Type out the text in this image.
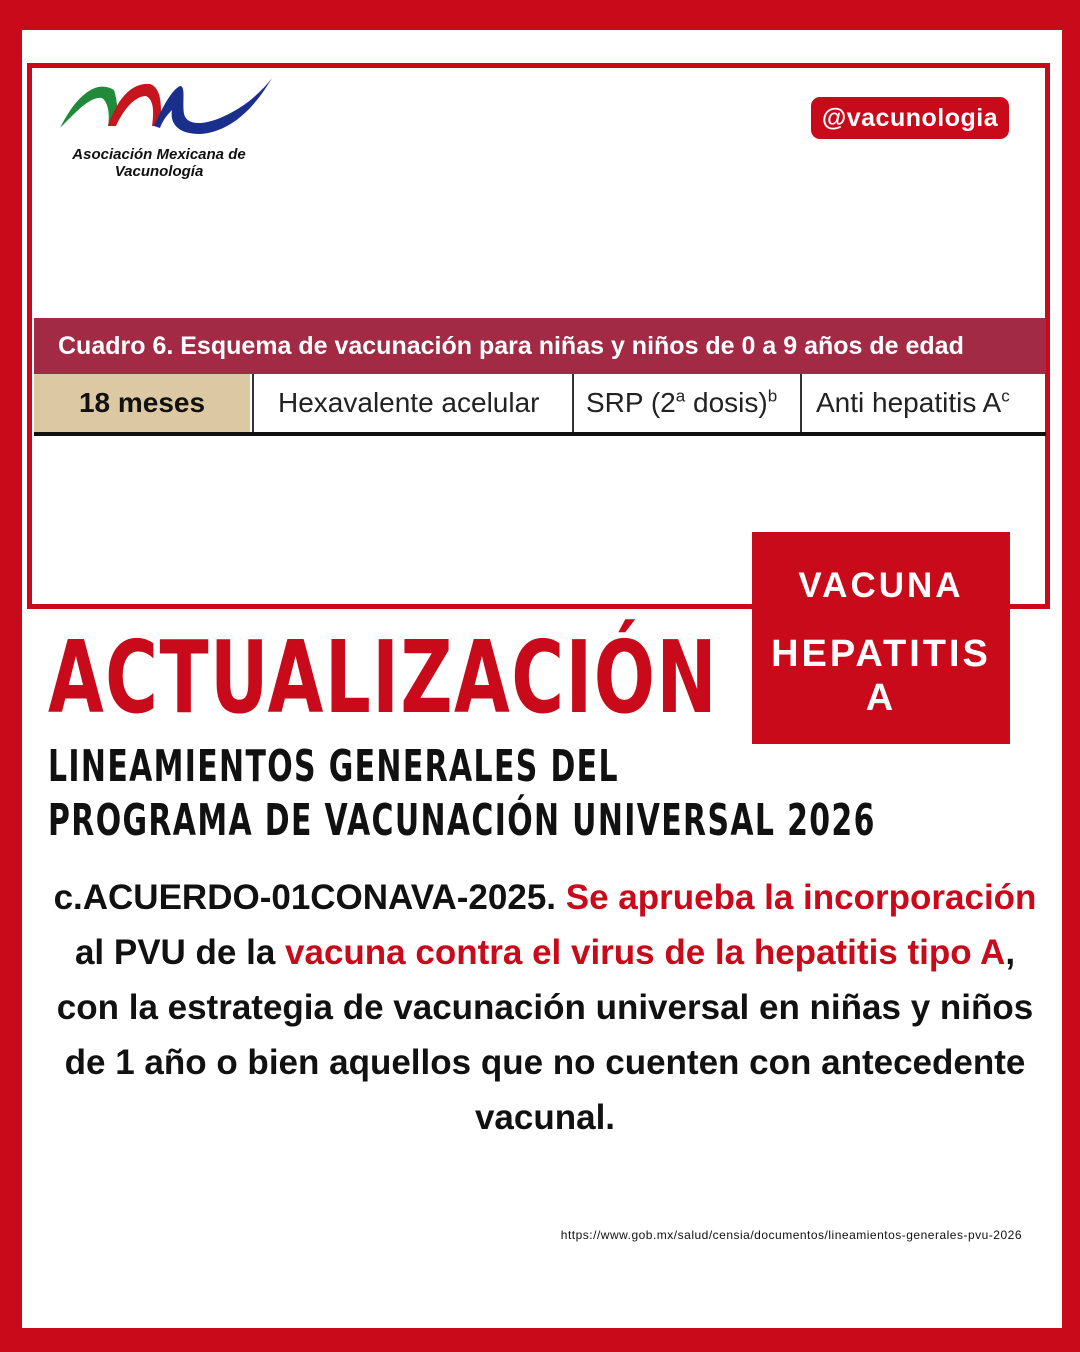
Asociación Mexicana de
Vacunología
@vacunologia
Cuadro 6. Esquema de vacunación para niñas y niños de 0 a 9 años de edad
18 meses	Hexavalente acelular	SRP (2$^a$ dosis)$^b$	Anti hepatitis $A^c$
VACUNA
HEPATITIS
A
ACTUALIZACIÓN
LINEAMIENTOS GENERALES DEL
PROGRAMA DE VACUNACIÓN UNIVERSAL 2026
c.ACUERDO-01CONAVA-2025. Se aprueba la incorporación al PVU de la vacuna contra el virus de la hepatitis tipo A, con la estrategia de vacunación universal en niñas y niños de 1 año o bien aquellos que no cuenten con antecedente vacunal.
https://www.gob.mx/salud/censia/documentos/lineamientos-generales-pvu-2026
